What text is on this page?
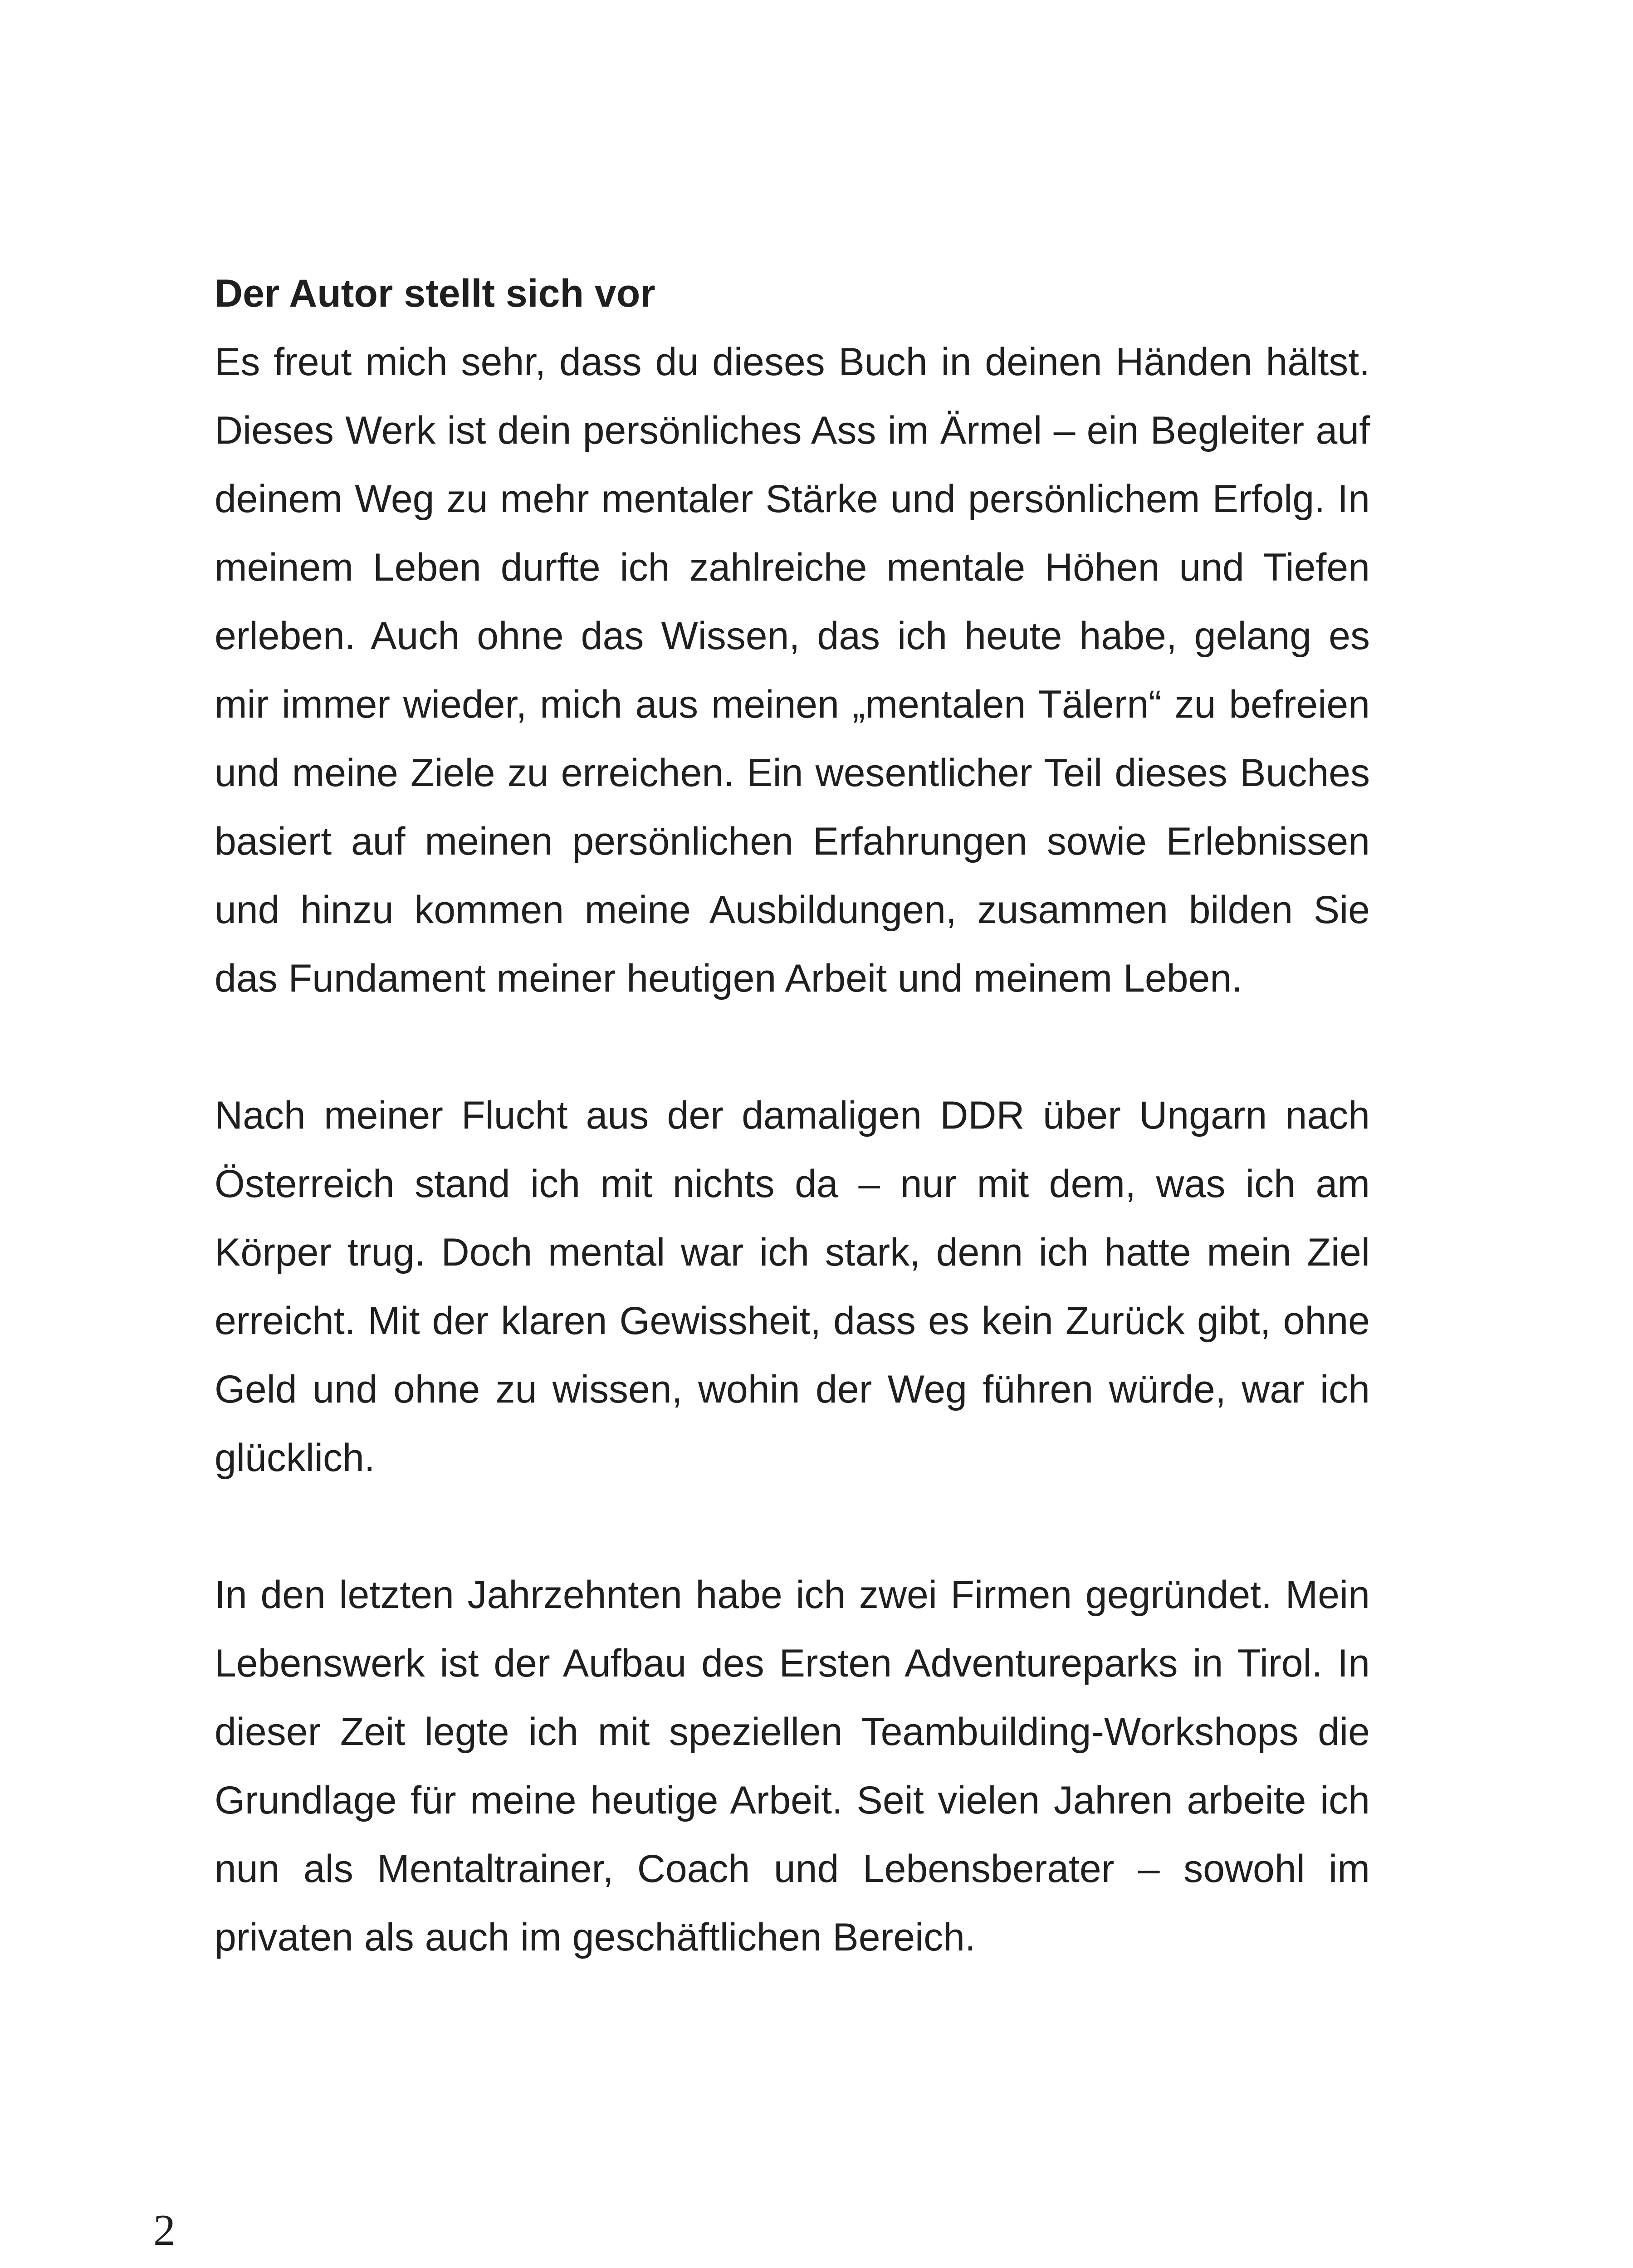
Der Autor stellt sich vor

Es freut mich sehr, dass du dieses Buch in deinen Händen hältst. Dieses Werk ist dein persönliches Ass im Ärmel – ein Begleiter auf deinem Weg zu mehr mentaler Stärke und persönlichem Erfolg. In meinem Leben durfte ich zahlreiche mentale Höhen und Tiefen erleben. Auch ohne das Wissen, das ich heute habe, gelang es mir immer wieder, mich aus meinen „mentalen Tälern“ zu befreien und meine Ziele zu erreichen. Ein wesentlicher Teil dieses Buches basiert auf meinen persönlichen Erfahrungen sowie Erlebnissen und hinzu kommen meine Ausbildungen, zusammen bilden Sie das Fundament meiner heutigen Arbeit und meinem Leben.

Nach meiner Flucht aus der damaligen DDR über Ungarn nach Österreich stand ich mit nichts da – nur mit dem, was ich am Körper trug. Doch mental war ich stark, denn ich hatte mein Ziel erreicht. Mit der klaren Gewissheit, dass es kein Zurück gibt, ohne Geld und ohne zu wissen, wohin der Weg führen würde, war ich glücklich.

In den letzten Jahrzehnten habe ich zwei Firmen gegründet. Mein Lebenswerk ist der Aufbau des Ersten Adventureparks in Tirol. In dieser Zeit legte ich mit speziellen Teambuilding-Workshops die Grundlage für meine heutige Arbeit. Seit vielen Jahren arbeite ich nun als Mentaltrainer, Coach und Lebensberater – sowohl im privaten als auch im geschäftlichen Bereich.

2
